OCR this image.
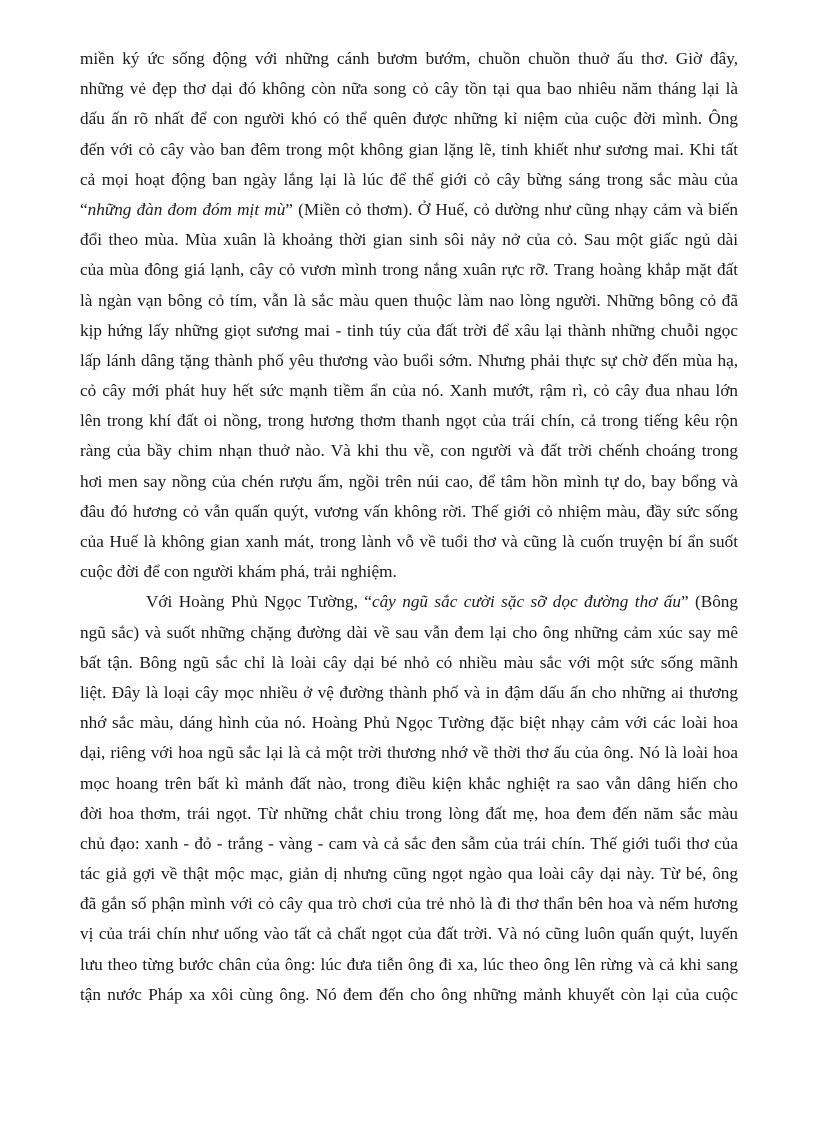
miền ký ức sống động với những cánh bươm bướm, chuồn chuồn thuở ấu thơ. Giờ đây,
những vẻ đẹp thơ dại đó không còn nữa song cỏ cây tồn tại qua bao nhiêu năm tháng lại là
dấu ấn rõ nhất để con người khó có thể quên được những kỉ niệm của cuộc đời mình. Ông
đến với cỏ cây vào ban đêm trong một không gian lặng lẽ, tinh khiết như sương mai. Khi tất
cả mọi hoạt động ban ngày lắng lại là lúc để thế giới cỏ cây bừng sáng trong sắc màu của
“những đàn đom đóm mịt mù” (Miền cỏ thơm). Ở Huế, cỏ dường như cũng nhạy cảm và biến
đổi theo mùa. Mùa xuân là khoảng thời gian sinh sôi nảy nở của cỏ. Sau một giấc ngủ dài
của mùa đông giá lạnh, cây cỏ vươn mình trong nắng xuân rực rỡ. Trang hoàng khắp mặt đất
là ngàn vạn bông cỏ tím, vẫn là sắc màu quen thuộc làm nao lòng người. Những bông cỏ đã
kịp hứng lấy những giọt sương mai - tinh túy của đất trời để xâu lại thành những chuỗi ngọc
lấp lánh dâng tặng thành phố yêu thương vào buổi sớm. Nhưng phải thực sự chờ đến mùa hạ,
cỏ cây mới phát huy hết sức mạnh tiềm ẩn của nó. Xanh mướt, rậm rì, cỏ cây đua nhau lớn
lên trong khí đất oi nồng, trong hương thơm thanh ngọt của trái chín, cả trong tiếng kêu rộn
ràng của bầy chim nhạn thuở nào. Và khi thu về, con người và đất trời chếnh choáng trong
hơi men say nồng của chén rượu ấm, ngồi trên núi cao, để tâm hồn mình tự do, bay bổng và
đâu đó hương cỏ vẫn quấn quýt, vương vấn không rời. Thế giới cỏ nhiệm màu, đầy sức sống
của Huế là không gian xanh mát, trong lành vỗ về tuổi thơ và cũng là cuốn truyện bí ẩn suốt
cuộc đời để con người khám phá, trải nghiệm.
Với Hoàng Phủ Ngọc Tường, “cây ngũ sắc cười sặc sỡ dọc đường thơ ấu” (Bông
ngũ sắc) và suốt những chặng đường dài về sau vẫn đem lại cho ông những cảm xúc say mê
bất tận. Bông ngũ sắc chỉ là loài cây dại bé nhỏ có nhiều màu sắc với một sức sống mãnh
liệt. Đây là loại cây mọc nhiều ở vệ đường thành phố và in đậm dấu ấn cho những ai thương
nhớ sắc màu, dáng hình của nó. Hoàng Phủ Ngọc Tường đặc biệt nhạy cảm với các loài hoa
dại, riêng với hoa ngũ sắc lại là cả một trời thương nhớ về thời thơ ấu của ông. Nó là loài hoa
mọc hoang trên bất kì mảnh đất nào, trong điều kiện khắc nghiệt ra sao vẫn dâng hiến cho
đời hoa thơm, trái ngọt. Từ những chắt chiu trong lòng đất mẹ, hoa đem đến năm sắc màu
chủ đạo: xanh - đỏ - trắng - vàng - cam và cả sắc đen sẫm của trái chín. Thế giới tuổi thơ của
tác giả gợi về thật mộc mạc, giản dị nhưng cũng ngọt ngào qua loài cây dại này. Từ bé, ông
đã gắn số phận mình với cỏ cây qua trò chơi của trẻ nhỏ là đi thơ thẩn bên hoa và nếm hương
vị của trái chín như uống vào tất cả chất ngọt của đất trời. Và nó cũng luôn quấn quýt, luyến
lưu theo từng bước chân của ông: lúc đưa tiễn ông đi xa, lúc theo ông lên rừng và cả khi sang
tận nước Pháp xa xôi cùng ông. Nó đem đến cho ông những mảnh khuyết còn lại của cuộc
